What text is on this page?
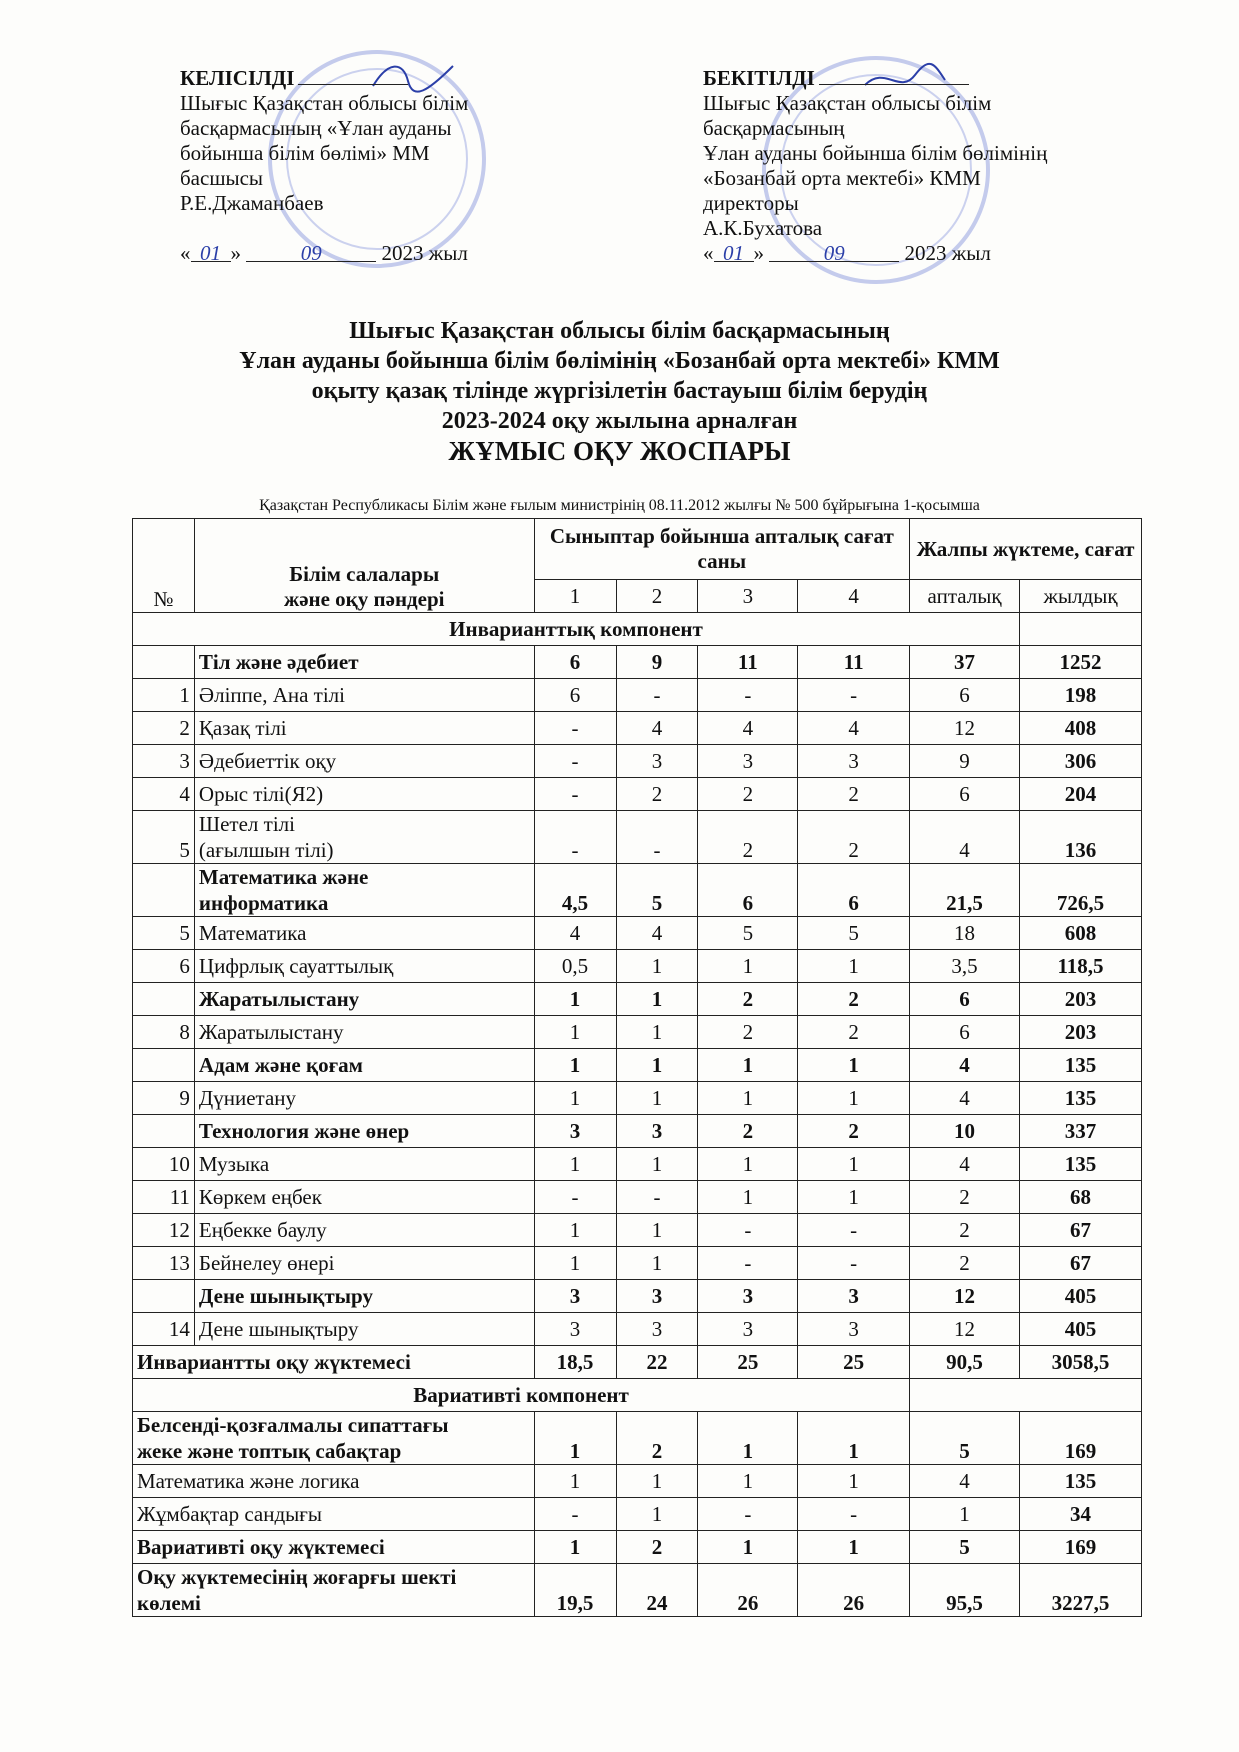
КЕЛІСІЛДІ
Шығыс Қазақстан облысы білім
басқармасының «Ұлан ауданы
бойынша білім бөлімі» ММ
басшысы
Р.Е.Джаманбаев
« 01 »	09	2023 жыл
БЕКІТІЛДІ
Шығыс Қазақстан облысы білім
басқармасының
Ұлан ауданы бойынша білім бөлімінің
«Бозанбай орта мектебі» КММ
директоры
А.К.Бухатова
« 01 »	09	2023 жыл
Шығыс Қазақстан облысы білім басқармасының
Ұлан ауданы бойынша білім бөлімінің «Бозанбай орта мектебі» КММ
оқыту қазақ тілінде жүргізілетін бастауыш білім берудің
2023-2024 оқу жылына арналған
ЖҰМЫС ОҚУ ЖОСПАРЫ
Қазақстан Республикасы Білім және ғылым министрінің 08.11.2012 жылғы № 500 бұйрығына 1-қосымша
№	Білім салалары
және оқу пәндері	Сыныптар бойынша апталық сағат саны				Жалпы жүктеме, сағат	
		1	2	3	4	апталық	жылдық
Инварианттық компонент							
	Тіл және әдебиет	6	9	11	11	37	1252
1	Әліппе, Ана тілі	6	-	-	-	6	198
2	Қазақ тілі	-	4	4	4	12	408
3	Әдебиеттік оқу	-	3	3	3	9	306
4	Орыс тілі(Я2)	-	2	2	2	6	204
5	Шетел тілі
(ағылшын тілі)	-	-	2	2	4	136
	Математика және
информатика	4,5	5	6	6	21,5	726,5
5	Математика	4	4	5	5	18	608
6	Цифрлық сауаттылық	0,5	1	1	1	3,5	118,5
	Жаратылыстану	1	1	2	2	6	203
8	Жаратылыстану	1	1	2	2	6	203
	Адам және қоғам	1	1	1	1	4	135
9	Дүниетану	1	1	1	1	4	135
	Технология және өнер	3	3	2	2	10	337
10	Музыка	1	1	1	1	4	135
11	Көркем еңбек	-	-	1	1	2	68
12	Еңбекке баулу	1	1	-	-	2	67
13	Бейнелеу өнері	1	1	-	-	2	67
	Дене шынықтыру	3	3	3	3	12	405
14	Дене шынықтыру	3	3	3	3	12	405
Инвариантты оқу жүктемесі		18,5	22	25	25	90,5	3058,5
Вариативті компонент							
Белсенді-қозғалмалы сипаттағы
жеке және топтық сабақтар		1	2	1	1	5	169
Математика және логика		1	1	1	1	4	135
Жұмбақтар сандығы		-	1	-	-	1	34
Вариативті оқу жүктемесі		1	2	1	1	5	169
Оқу жүктемесінің жоғарғы шекті
көлемі		19,5	24	26	26	95,5	3227,5
